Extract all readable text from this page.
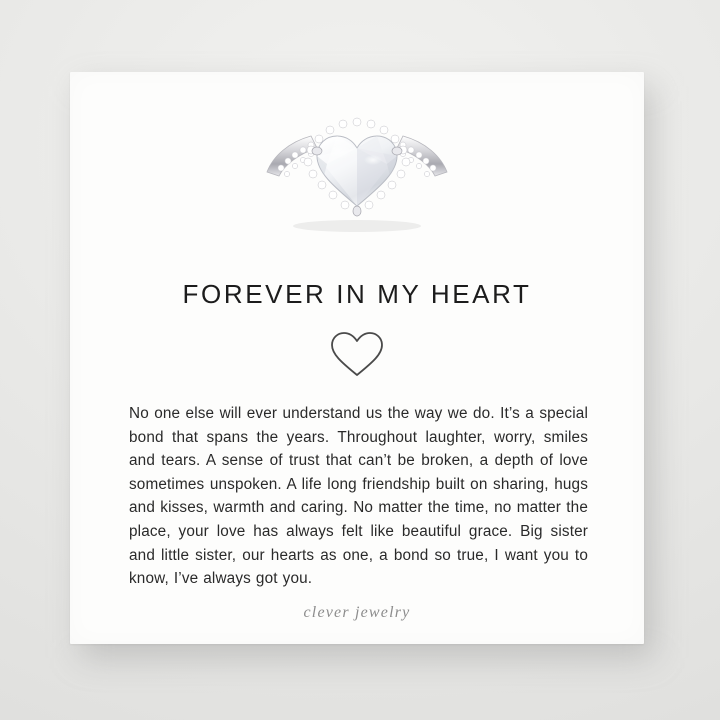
FOREVER IN MY HEART
No one else will ever understand us the way we do. It’s a special bond that spans the years. Throughout laughter, worry, smiles and tears. A sense of trust that can’t be broken, a depth of love sometimes unspoken. A life long friendship built on sharing, hugs and kisses, warmth and caring. No matter the time, no matter the place, your love has always felt like beautiful grace. Big sister and little sister, our hearts as one, a bond so true, I want you to know, I’ve always got you.
clever jewelry
